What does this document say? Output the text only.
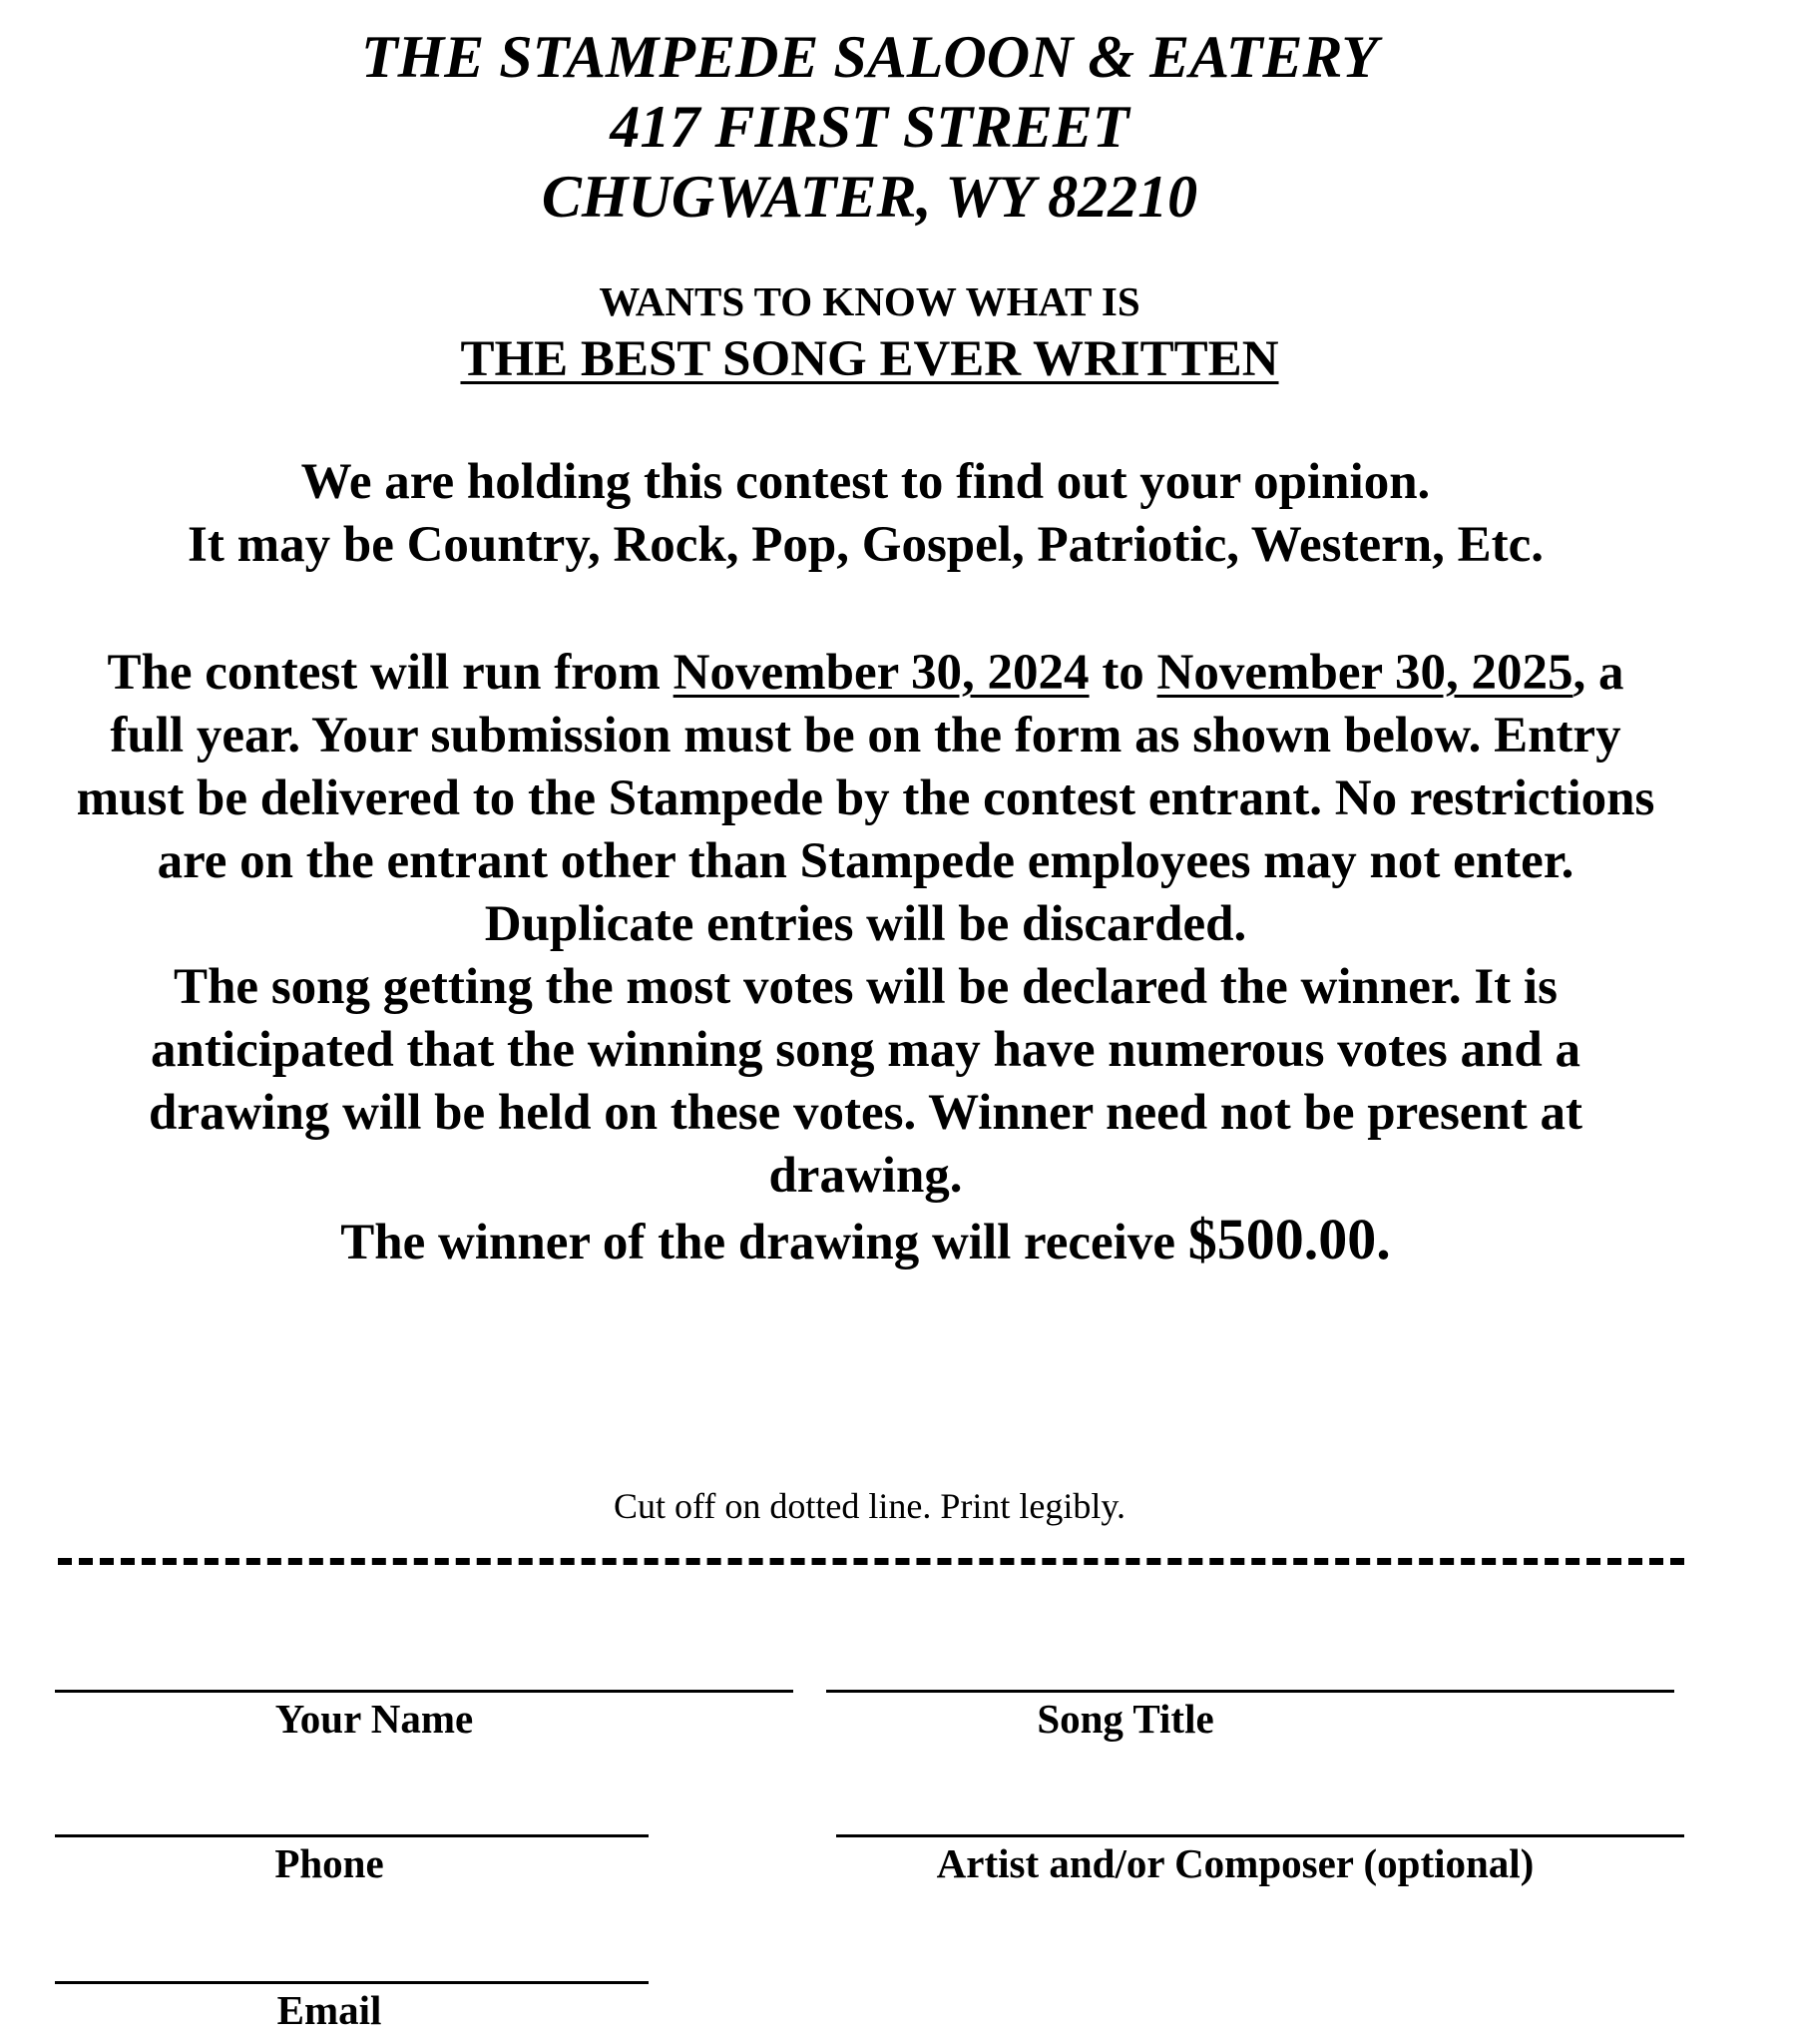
THE STAMPEDE SALOON & EATERY
417 FIRST STREET
CHUGWATER, WY 82210
WANTS TO KNOW WHAT IS
THE BEST SONG EVER WRITTEN

We are holding this contest to find out your opinion.

It may be Country, Rock, Pop, Gospel, Patriotic, Western, Etc.

The contest will run from November 30, 2024 to November 30, 2025, a full year. Your submission must be on the form as shown below. Entry must be delivered to the Stampede by the contest entrant. No restrictions are on the entrant other than Stampede employees may not enter. Duplicate entries will be discarded.

The song getting the most votes will be declared the winner. It is anticipated that the winning song may have numerous votes and a drawing will be held on these votes. Winner need not be present at drawing.

The winner of the drawing will receive $500.00.

Cut off on dotted line. Print legibly.
Your Name	Song Title
Phone	Artist and/or Composer (optional)
Email
